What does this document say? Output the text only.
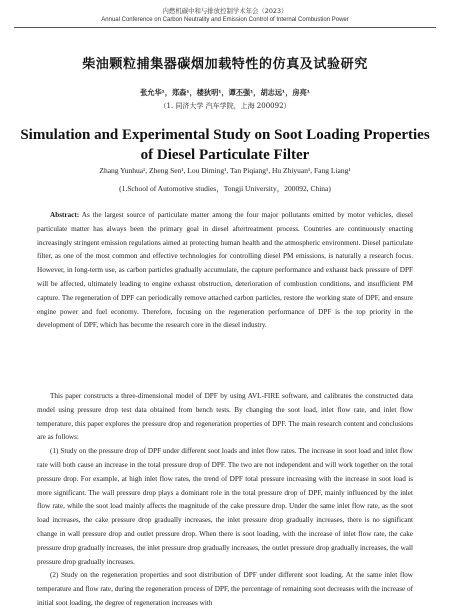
内燃机碳中和与排放控制学术年会（2023）
Annual Conference on Carbon Neutrality and Emission Control of Internal Combustion Power
柴油颗粒捕集器碳烟加载特性的仿真及试验研究
张允华¹，郑森¹，楼狄明¹，谭丕强¹，胡志远¹，房亮¹
（1. 同济大学 汽车学院，上海 200092）
Simulation and Experimental Study on Soot Loading Properties of Diesel Particulate Filter
Zhang Yunhua¹, Zheng Sen¹, Lou Diming¹, Tan Piqiang¹, Hu Zhiyuan¹, Fang Liang¹
(1.School of Automotive studies，Tongji University，200092, China)

Abstract: As the largest source of particulate matter among the four major pollutants emitted by motor vehicles, diesel particulate matter has always been the primary goal in diesel aftertreatment process. Countries are continuously enacting increasingly stringent emission regulations aimed at protecting human health and the atmospheric environment. Diesel particulate filter, as one of the most common and effective technologies for controlling diesel PM emissions, is naturally a research focus. However, in long-term use, as carbon particles gradually accumulate, the capture performance and exhaust back pressure of DPF will be affected, ultimately leading to engine exhaust obstruction, deterioration of combustion conditions, and insufficient PM capture. The regeneration of DPF can periodically remove attached carbon particles, restore the working state of DPF, and ensure engine power and fuel economy. Therefore, focusing on the regeneration performance of DPF is the top priority in the development of DPF, which has become the research core in the diesel industry.

This paper constructs a three-dimensional model of DPF by using AVL-FIRE software, and calibrates the constructed data model using pressure drop test data obtained from bench tests. By changing the soot load, inlet flow rate, and inlet flow temperature, this paper explores the pressure drop and regeneration properties of DPF. The main research content and conclusions are as follows:

(1) Study on the pressure drop of DPF under different soot loads and inlet flow rates. The increase in soot load and inlet flow rate will both cause an increase in the total pressure drop of DPF. The two are not independent and will work together on the total pressure drop. For example, at high inlet flow rates, the trend of DPF total pressure increasing with the increase in soot load is more significant. The wall pressure drop plays a dominant role in the total pressure drop of DPF, mainly influenced by the inlet flow rate, while the soot load mainly affects the magnitude of the cake pressure drop. Under the same inlet flow rate, as the soot load increases, the cake pressure drop gradually increases, the inlet pressure drop gradually increases, there is no significant change in wall pressure drop and outlet pressure drop. When there is soot loading, with the increase of inlet flow rate, the cake pressure drop gradually increases, the inlet pressure drop gradually increases, the outlet pressure drop gradually increases, the wall pressure drop gradually increases.

(2) Study on the regeneration properties and soot distribution of DPF under different soot loading. At the same inlet flow temperature and flow rate, during the regeneration process of DPF, the percentage of remaining soot decreases with the increase of initial soot loading, the degree of regeneration increases with
